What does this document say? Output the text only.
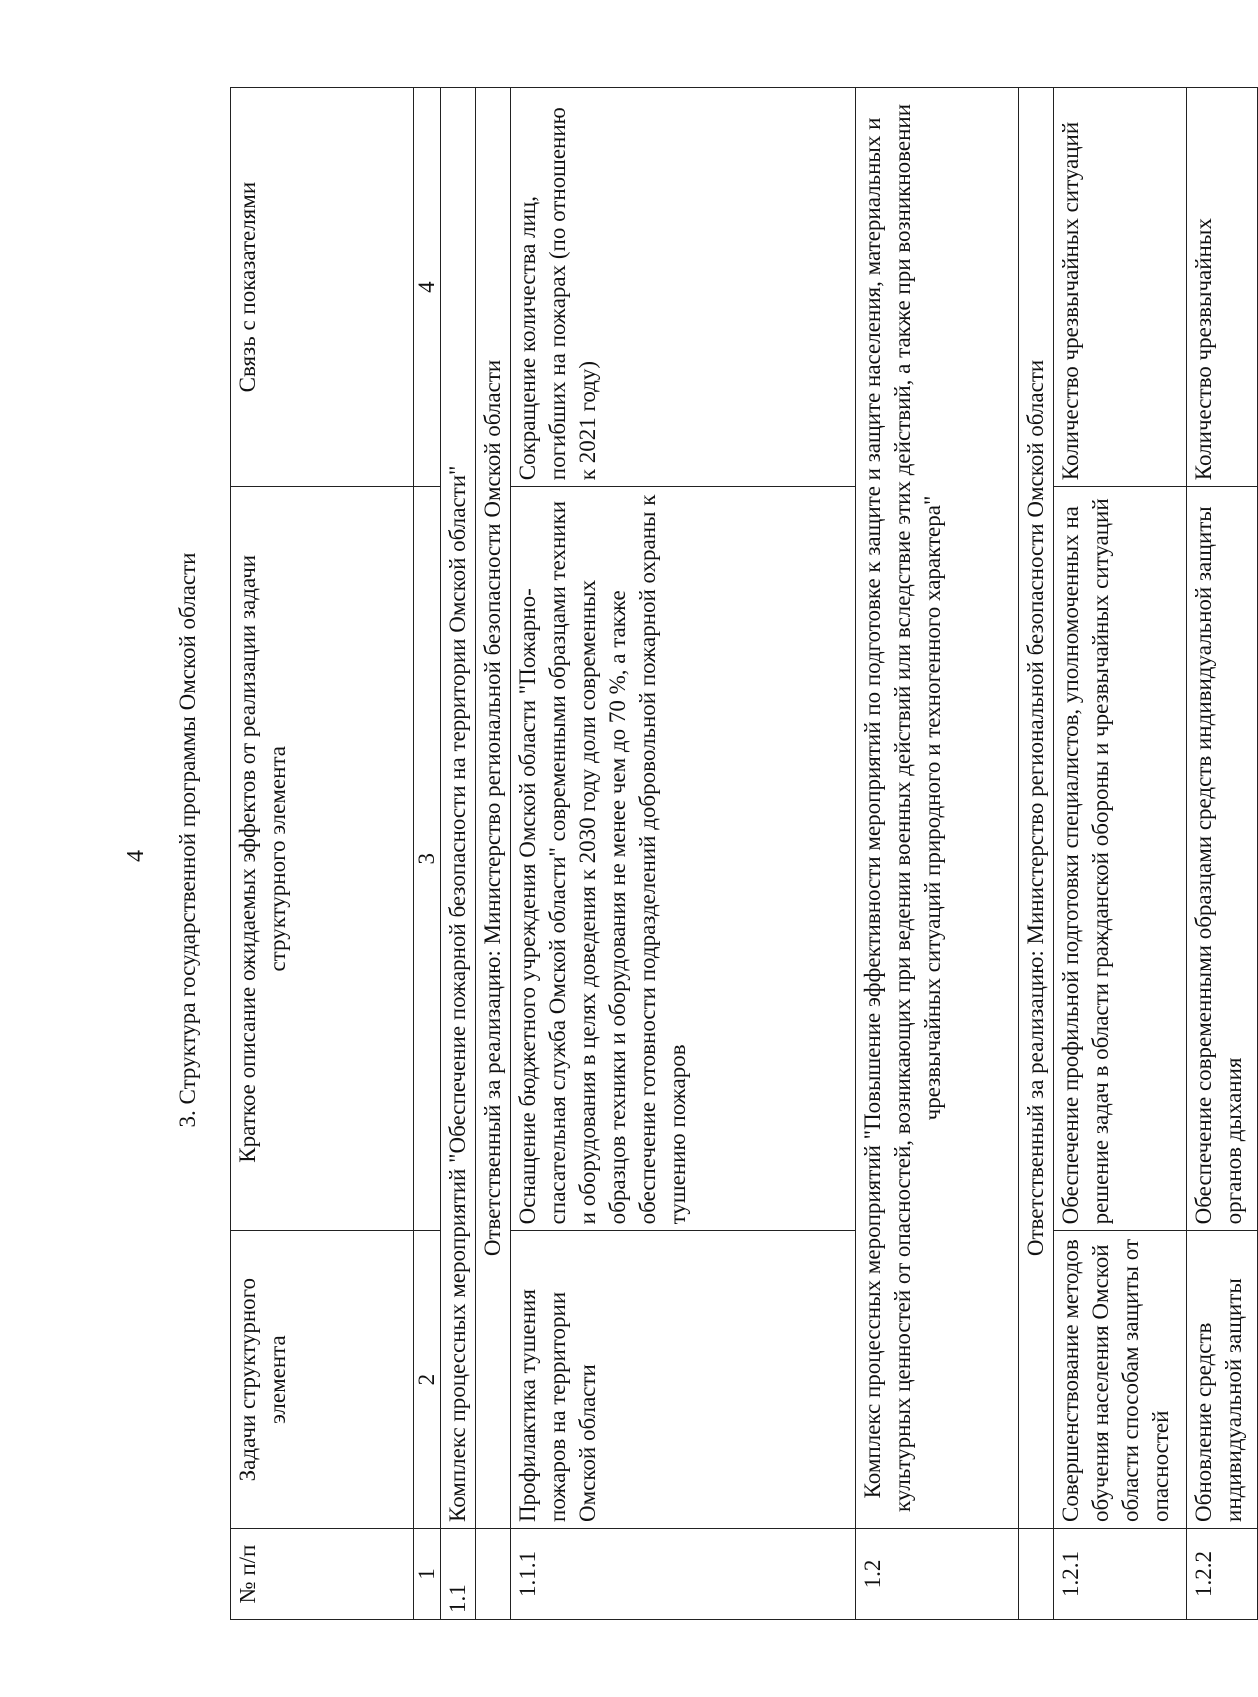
4	3. Структура государственной программы Омской области
№ п/п	Задачи структурного элемента	Краткое описание ожидаемых эффектов от реализации задачи структурного элемента	Связь с показателями
1	2	3	4
1.1	Комплекс процессных мероприятий "Обеспечение пожарной безопасности на территории Омской области"		
	Ответственный за реализацию: Министерство региональной безопасности Омской области		
1.1.1	Профилактика тушения пожаров на территории Омской области	Оснащение бюджетного учреждения Омской области "Пожарно-спасательная служба Омской области" современными образцами техники и оборудования в целях доведения к 2030 году доли современных образцов техники и оборудования не менее чем до 70 %, а также обеспечение готовности подразделений добровольной пожарной охраны к тушению пожаров	Сокращение количества лиц, погибших на пожарах (по отношению к 2021 году)
1.2	Комплекс процессных мероприятий "Повышение эффективности мероприятий по подготовке к защите и защите населения, материальных и культурных ценностей от опасностей, возникающих при ведении военных действий или вследствие этих действий, а также при возникновении чрезвычайных ситуаций природного и техногенного характера"		
	Ответственный за реализацию: Министерство региональной безопасности Омской области		
1.2.1	Совершенствование методов обучения населения Омской области способам защиты от опасностей	Обеспечение профильной подготовки специалистов, уполномоченных на решение задач в области гражданской обороны и чрезвычайных ситуаций	Количество чрезвычайных ситуаций
1.2.2	Обновление средств индивидуальной защиты	Обеспечение современными образцами средств индивидуальной защиты органов дыхания	Количество чрезвычайных
